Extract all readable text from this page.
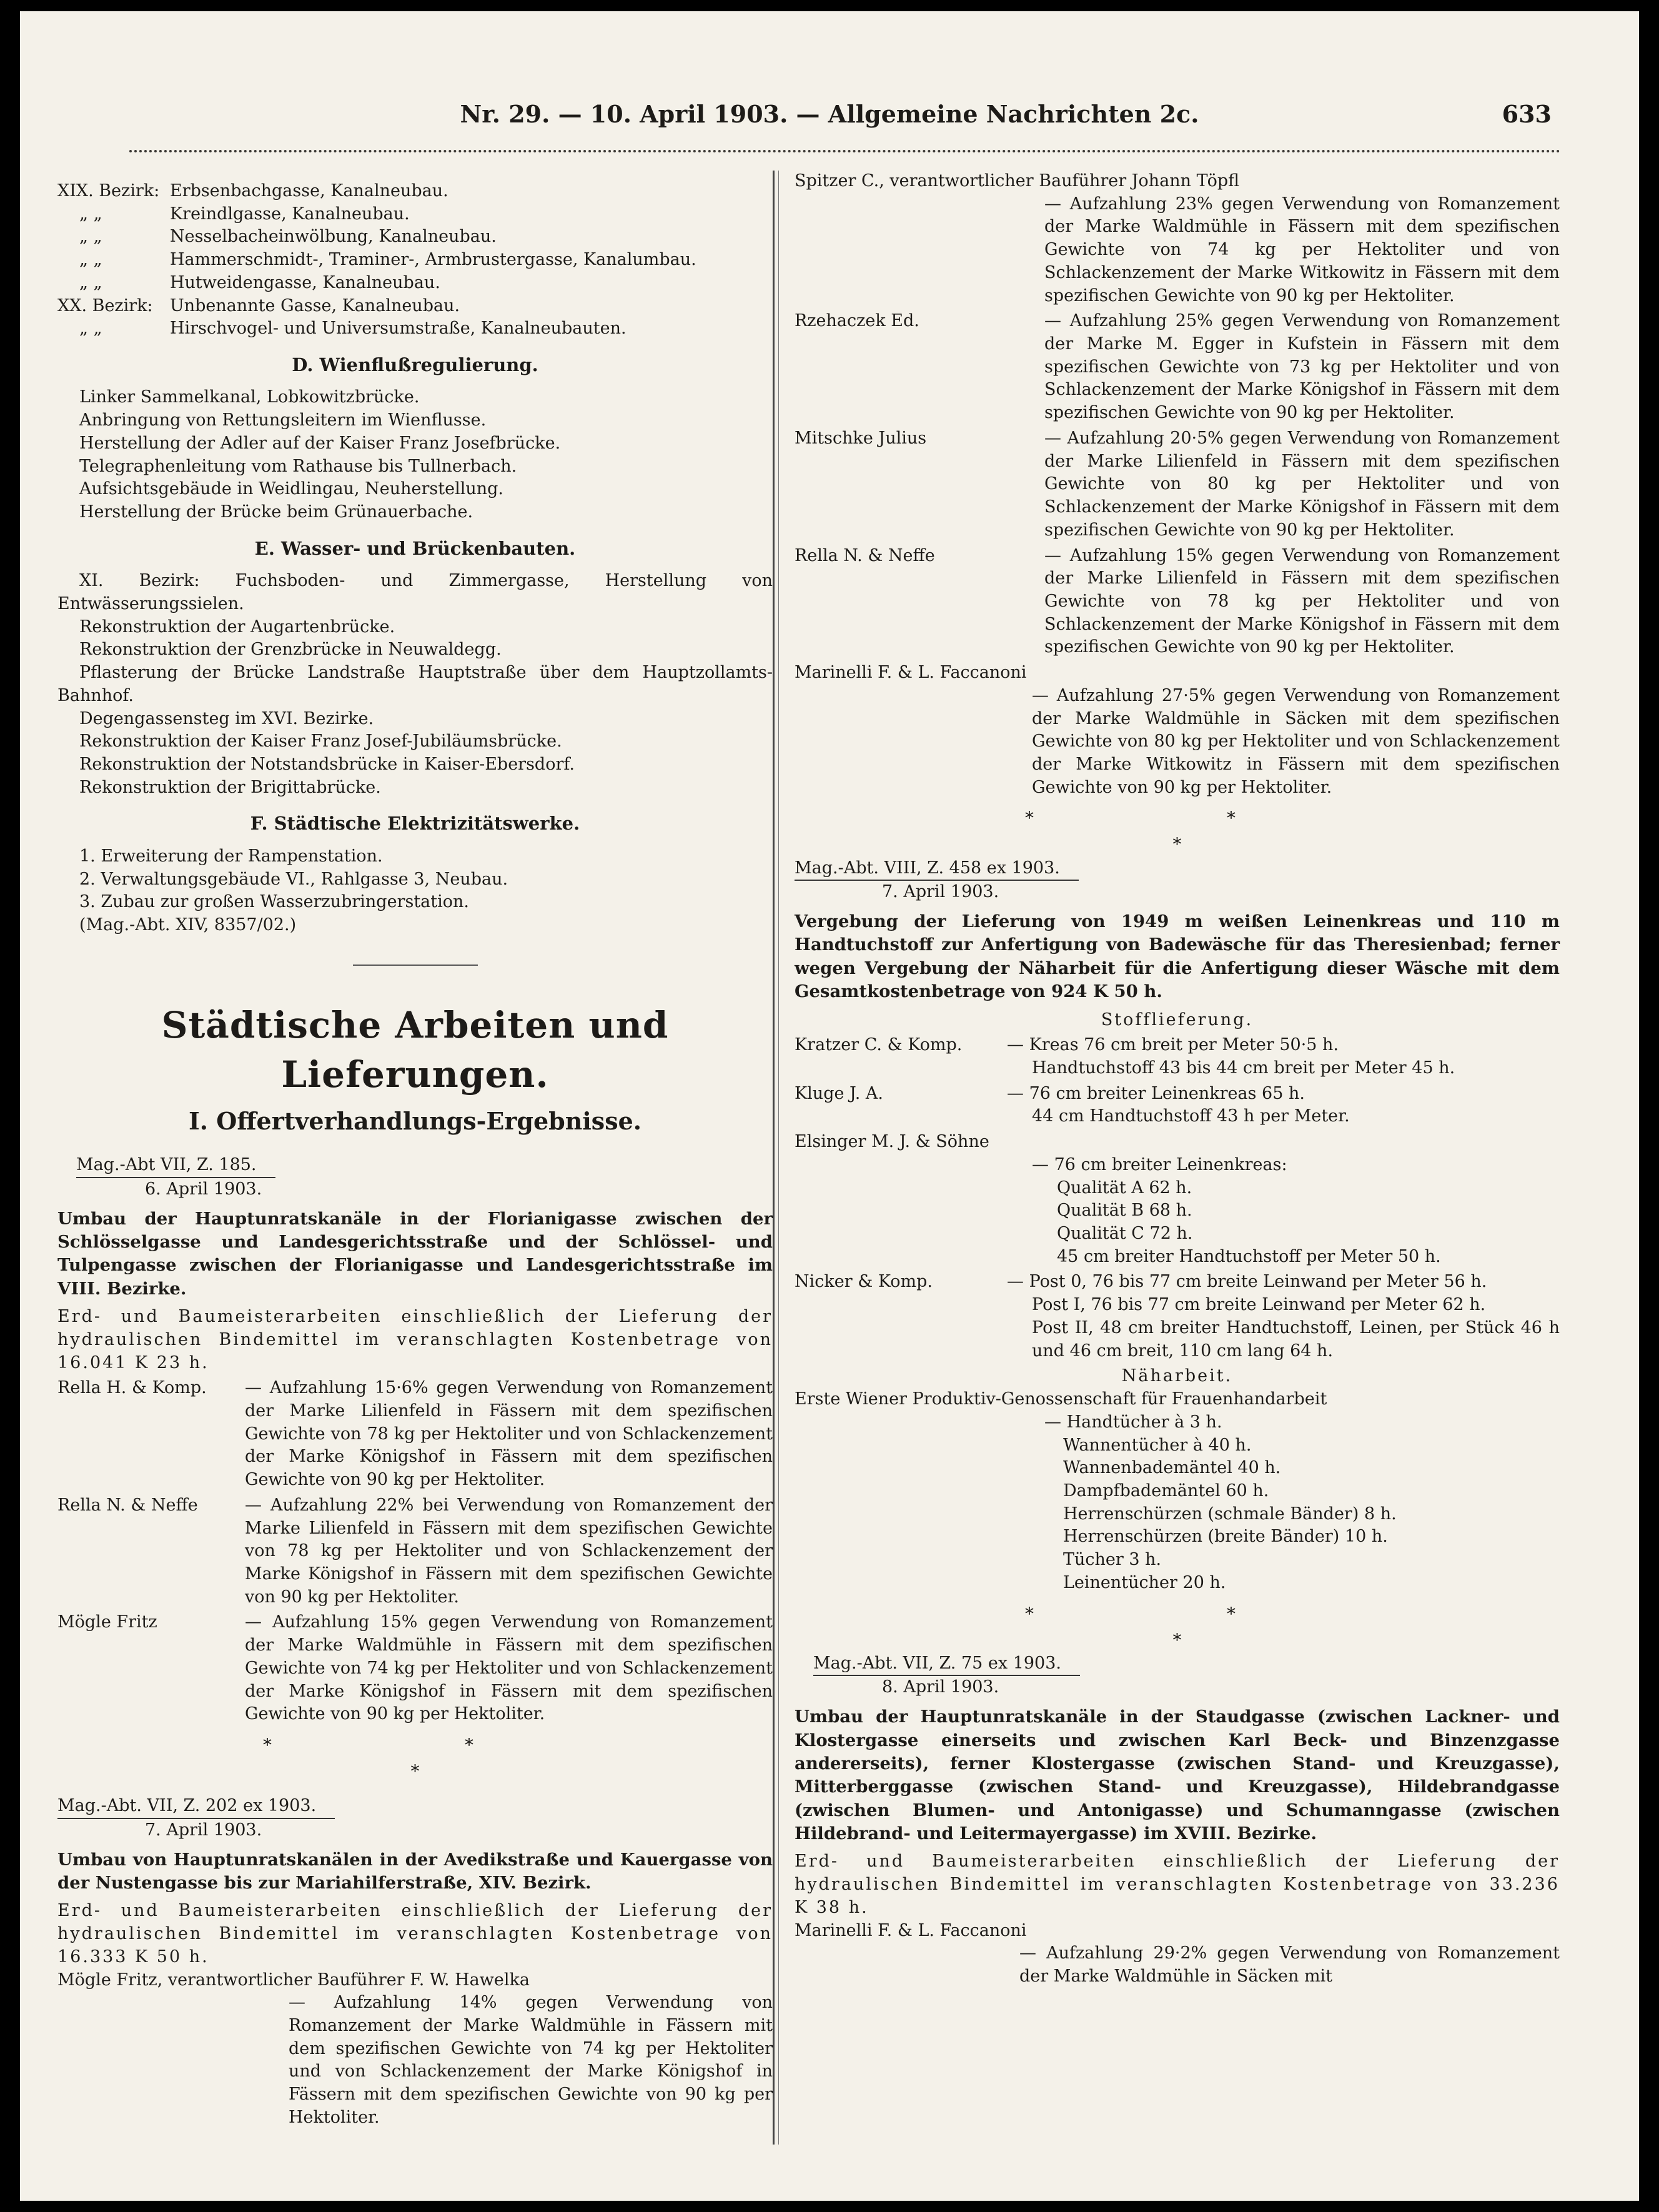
Nr. 29. — 10. April 1903. — Allgemeine Nachrichten 2c.	633
XIX. Bezirk: Erbsenbachgasse, Kanalneubau.
„ „	Kreindlgasse, Kanalneubau.
„ „	Nesselbacheinwölbung, Kanalneubau.
„ „	Hammerschmidt-, Traminer-, Armbrustergasse, Kanalumbau.
„ „	Hutweidengasse, Kanalneubau.
XX. Bezirk:	Unbenannte Gasse, Kanalneubau.
„ „	Hirschvogel- und Universumstraße, Kanalneubauten.
D. Wienflußregulierung.

Linker Sammelkanal, Lobkowitzbrücke.

Anbringung von Rettungsleitern im Wienflusse.

Herstellung der Adler auf der Kaiser Franz Josefbrücke.

Telegraphenleitung vom Rathause bis Tullnerbach.

Aufsichtsgebäude in Weidlingau, Neuherstellung.

Herstellung der Brücke beim Grünauerbache.

E. Wasser- und Brückenbauten.

XI. Bezirk: Fuchsboden- und Zimmergasse, Herstellung von Entwässerungssielen.

Rekonstruktion der Augartenbrücke.

Rekonstruktion der Grenzbrücke in Neuwaldegg.

Pflasterung der Brücke Landstraße Hauptstraße über dem Hauptzollamts-Bahnhof.

Degengassensteg im XVI. Bezirke.

Rekonstruktion der Kaiser Franz Josef-Jubiläumsbrücke.

Rekonstruktion der Notstandsbrücke in Kaiser-Ebersdorf.

Rekonstruktion der Brigittabrücke.

F. Städtische Elektrizitätswerke.

1. Erweiterung der Rampenstation.

2. Verwaltungsgebäude VI., Rahlgasse 3, Neubau.

3. Zubau zur großen Wasserzubringerstation.

(Mag.-Abt. XIV, 8357/02.)

Städtische Arbeiten und Lieferungen.
I. Offertverhandlungs-Ergebnisse.
Mag.-Abt VII, Z. 185.
6. April 1903.
Umbau der Hauptunratskanäle in der Florianigasse zwischen der Schlösselgasse und Landesgerichtsstraße und der Schlössel- und Tulpengasse zwischen der Florianigasse und Landesgerichtsstraße im VIII. Bezirke.
Erd- und Baumeisterarbeiten einschließlich der Lieferung der hydraulischen Bindemittel im veranschlagten Kostenbetrage von 16.041 K 23 h.
Rella H. & Komp.	— Aufzahlung 15·6% gegen Verwendung von Romanzement der Marke Lilienfeld in Fässern mit dem spezifischen Gewichte von 78 kg per Hektoliter und von Schlackenzement der Marke Königshof in Fässern mit dem spezifischen Gewichte von 90 kg per Hektoliter.
Rella N. & Neffe	— Aufzahlung 22% bei Verwendung von Romanzement der Marke Lilienfeld in Fässern mit dem spezifischen Gewichte von 78 kg per Hektoliter und von Schlackenzement der Marke Königshof in Fässern mit dem spezifischen Gewichte von 90 kg per Hektoliter.
Mögle Fritz	— Aufzahlung 15% gegen Verwendung von Romanzement der Marke Waldmühle in Fässern mit dem spezifischen Gewichte von 74 kg per Hektoliter und von Schlackenzement der Marke Königshof in Fässern mit dem spezifischen Gewichte von 90 kg per Hektoliter.
* *
*
Mag.-Abt. VII, Z. 202 ex 1903.
7. April 1903.
Umbau von Hauptunratskanälen in der Avedikstraße und Kauergasse von der Nustengasse bis zur Mariahilferstraße, XIV. Bezirk.
Erd- und Baumeisterarbeiten einschließlich der Lieferung der hydraulischen Bindemittel im veranschlagten Kostenbetrage von 16.333 K 50 h.
Mögle Fritz, verantwortlicher Bauführer F. W. Hawelka
— Aufzahlung 14% gegen Verwendung von Romanzement der Marke Waldmühle in Fässern mit dem spezifischen Gewichte von 74 kg per Hektoliter und von Schlackenzement der Marke Königshof in Fässern mit dem spezifischen Gewichte von 90 kg per Hektoliter.
Spitzer C., verantwortlicher Bauführer Johann Töpfl
— Aufzahlung 23% gegen Verwendung von Romanzement der Marke Waldmühle in Fässern mit dem spezifischen Gewichte von 74 kg per Hektoliter und von Schlackenzement der Marke Witkowitz in Fässern mit dem spezifischen Gewichte von 90 kg per Hektoliter.
Rzehaczek Ed.	— Aufzahlung 25% gegen Verwendung von Romanzement der Marke M. Egger in Kufstein in Fässern mit dem spezifischen Gewichte von 73 kg per Hektoliter und von Schlackenzement der Marke Königshof in Fässern mit dem spezifischen Gewichte von 90 kg per Hektoliter.
Mitschke Julius	— Aufzahlung 20·5% gegen Verwendung von Romanzement der Marke Lilienfeld in Fässern mit dem spezifischen Gewichte von 80 kg per Hektoliter und von Schlackenzement der Marke Königshof in Fässern mit dem spezifischen Gewichte von 90 kg per Hektoliter.
Rella N. & Neffe	— Aufzahlung 15% gegen Verwendung von Romanzement der Marke Lilienfeld in Fässern mit dem spezifischen Gewichte von 78 kg per Hektoliter und von Schlackenzement der Marke Königshof in Fässern mit dem spezifischen Gewichte von 90 kg per Hektoliter.
Marinelli F. & L. Faccanoni
— Aufzahlung 27·5% gegen Verwendung von Romanzement der Marke Waldmühle in Säcken mit dem spezifischen Gewichte von 80 kg per Hektoliter und von Schlackenzement der Marke Witkowitz in Fässern mit dem spezifischen Gewichte von 90 kg per Hektoliter.
* *
*
Mag.-Abt. VIII, Z. 458 ex 1903.
7. April 1903.
Vergebung der Lieferung von 1949 m weißen Leinenkreas und 110 m Handtuchstoff zur Anfertigung von Badewäsche für das Theresienbad; ferner wegen Vergebung der Näharbeit für die Anfertigung dieser Wäsche mit dem Gesamtkostenbetrage von 924 K 50 h.
Stofflieferung.
Kratzer C. & Komp.	— Kreas 76 cm breit per Meter 50·5 h.
Handtuchstoff 43 bis 44 cm breit per Meter 45 h.
Kluge J. A.	— 76 cm breiter Leinenkreas 65 h.
44 cm Handtuchstoff 43 h per Meter.
Elsinger M. J. & Söhne
— 76 cm breiter Leinenkreas:
Qualität A 62 h.
Qualität B 68 h.
Qualität C 72 h.
45 cm breiter Handtuchstoff per Meter 50 h.
Nicker & Komp.	— Post 0, 76 bis 77 cm breite Leinwand per Meter 56 h.
Post I, 76 bis 77 cm breite Leinwand per Meter 62 h.
Post II, 48 cm breiter Handtuchstoff, Leinen, per Stück 46 h und 46 cm breit, 110 cm lang 64 h.
Näharbeit.
Erste Wiener Produktiv-Genossenschaft für Frauenhandarbeit
— Handtücher à 3 h.
Wannentücher à 40 h.
Wannenbademäntel 40 h.
Dampfbademäntel 60 h.
Herrenschürzen (schmale Bänder) 8 h.
Herrenschürzen (breite Bänder) 10 h.
Tücher 3 h.
Leinentücher 20 h.
* *
*
Mag.-Abt. VII, Z. 75 ex 1903.
8. April 1903.
Umbau der Hauptunratskanäle in der Staudgasse (zwischen Lackner- und Klostergasse einerseits und zwischen Karl Beck- und Binzenzgasse andererseits), ferner Klostergasse (zwischen Stand- und Kreuzgasse), Mitterberggasse (zwischen Stand- und Kreuzgasse), Hildebrandgasse (zwischen Blumen- und Antonigasse) und Schumanngasse (zwischen Hildebrand- und Leitermayergasse) im XVIII. Bezirke.
Erd- und Baumeisterarbeiten einschließlich der Lieferung der hydraulischen Bindemittel im veranschlagten Kostenbetrage von 33.236 K 38 h.
Marinelli F. & L. Faccanoni
— Aufzahlung 29·2% gegen Verwendung von Romanzement der Marke Waldmühle in Säcken mit
